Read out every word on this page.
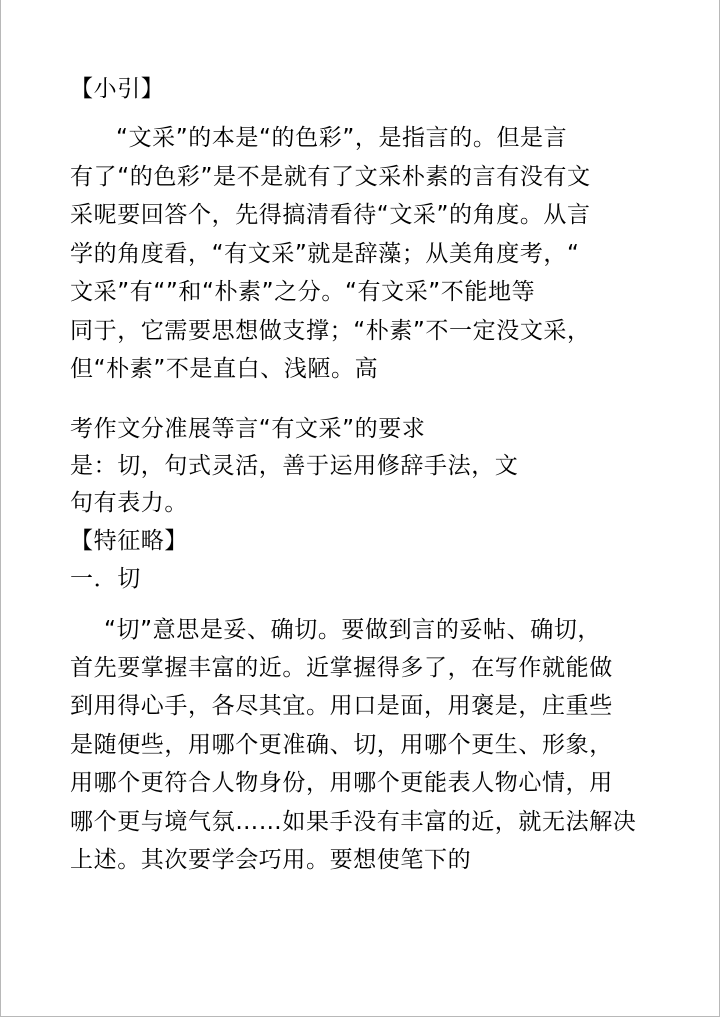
【小引】
“文采”的本是“的色彩”，是指言的。但是言
有了“的色彩”是不是就有了文采朴素的言有没有文
采呢要回答个，先得搞清看待“文采”的角度。从言
学的角度看，“有文采”就是辞藻；从美角度考，“
文采”有“”和“朴素”之分。“有文采”不能地等
同于，它需要思想做支撑；“朴素”不一定没文采，
但“朴素”不是直白、浅陋。高
考作文分准展等言“有文采”的要求
是：切，句式灵活，善于运用修辞手法，文
句有表力。
【特征略】
一．切
“切”意思是妥、确切。要做到言的妥帖、确切，
首先要掌握丰富的近。近掌握得多了，在写作就能做
到用得心手，各尽其宜。用口是面，用褒是，庄重些
是随便些，用哪个更准确、切，用哪个更生、形象，
用哪个更符合人物身份，用哪个更能表人物心情，用
哪个更与境气氛……如果手没有丰富的近，就无法解决
上述。其次要学会巧用。要想使笔下的
